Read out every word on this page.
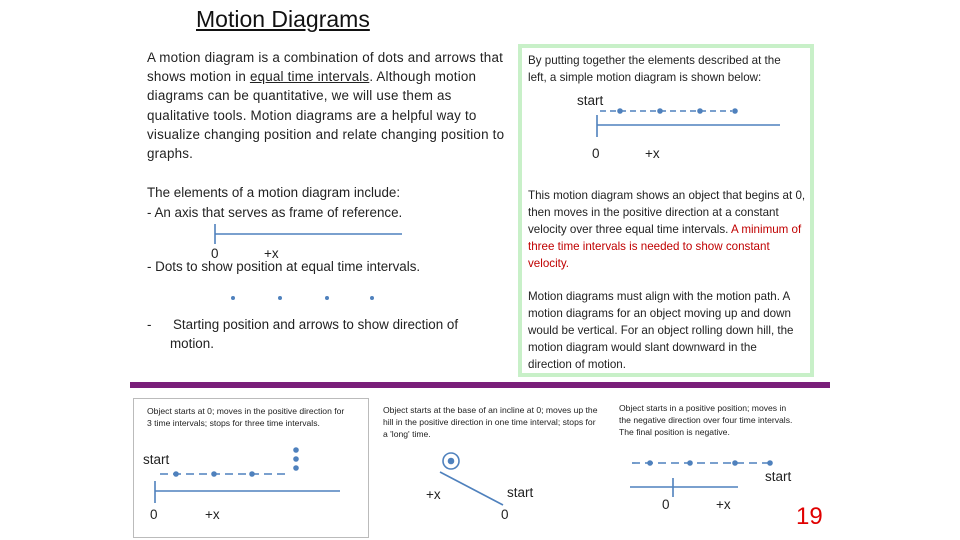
Motion Diagrams
A motion diagram is a combination of dots and arrows that shows motion in equal time intervals. Although motion diagrams can be quantitative, we will use them as qualitative tools. Motion diagrams are a helpful way to visualize changing position and relate changing position to graphs.
The elements of a motion diagram include:
- An axis that serves as frame of reference.
- Dots to show position at equal time intervals.
- Starting position and arrows to show direction of
motion.
0	+x
By putting together the elements described at the left, a simple motion diagram is shown below:
start
0	+x
This motion diagram shows an object that begins at 0, then moves in the positive direction at a constant velocity over three equal time intervals. A minimum of three time intervals is needed to show constant velocity.
Motion diagrams must align with the motion path. A motion diagrams for an object moving up and down would be vertical. For an object rolling down hill, the motion diagram would slant downward in the direction of motion.
Object starts at 0; moves in the positive direction for 3 time intervals; stops for three time intervals.
start
0	+x
Object starts at the base of an incline at 0; moves up the hill in the positive direction in one time interval; stops for a 'long' time.
+x	start
0
Object starts in a positive position; moves in the negative direction over four time intervals. The final position is negative.
start
0	+x	19
